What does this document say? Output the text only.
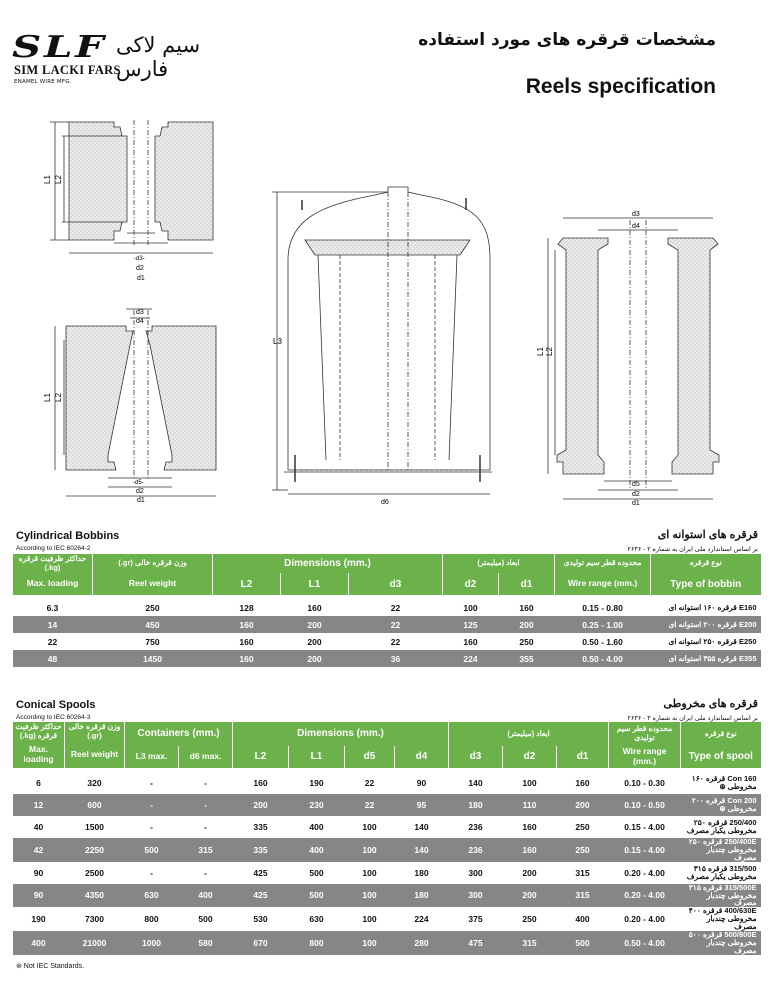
SLF سیم لاکی فارس
SIM LACKI FARS
ENAMEL WIRE MFG.
مشخصات قرقره های مورد استفاده
Reels specification
L1 L2
-d3-
d2
d1
d3
d4
L1 L2
-d5-
d2
d1
L3
d6
d3
d4
L1 L2
d5
d2
d1
Cylindrical Bobbins
According to IEC 60264-2
قرقره های استوانه ای
بر اساس استاندارد ملی ایران به شماره ۲ - ۲۶۳۶
حداکثر ظرفیت قرقره (kg.)	وزن قرقره خالی (gr.)	Dimensions (mm.)			ابعاد (میلیمتر)		محدوده قطر سیم تولیدی	نوع قرقره
Max. loading	Reel weight	L2	L1	d3	d2	d1	Wire range (mm.)	Type of bobbin

6.3	250	128	160	22	100	160	0.15 - 0.80	E160 قرقره ۱۶۰ استوانه ای
14	450	160	200	22	125	200	0.25 - 1.00	E200 قرقره ۲۰۰ استوانه ای
22	750	160	200	22	160	250	0.50 - 1.60	E250 قرقره ۲۵۰ استوانه ای
48	1450	160	200	36	224	355	0.50 - 4.00	E355 قرقره ۳۵۵ استوانه ای
Conical Spools
According to IEC 60264-3
قرقره های مخروطی
بر اساس استاندارد ملی ایران به شماره ۳ - ۲۶۳۶
حداکثر ظرفیت قرقره (kg.)	وزن قرقره خالی (gr.)	Containers (mm.)		Dimensions (mm.)				ابعاد (میلیمتر)			محدوده قطر سیم تولیدی	نوع قرقره
Max. loading	Reel weight											
		L3 max.	d6 max.	L2	L1	d5	d4	d3	d2	d1	Wire range (mm.)	Type of spool

6	320	-	-	160	190	22	90	140	100	160	0.10 - 0.30	160 Con قرقره ۱۶۰ مخروطی ⊛
12	600	-	-	200	230	22	95	180	110	200	0.10 - 0.50	200 Con قرقره ۲۰۰ مخروطی ⊛
40	1500	-	-	335	400	100	140	236	160	250	0.15 - 4.00	250/400 قرقره ۲۵۰ مخروطی یکبار مصرف
42	2250	500	315	335	400	100	140	236	160	250	0.15 - 4.00	250/400E قرقره ۲۵۰ مخروطی چندبار مصرف
90	2500	-	-	425	500	100	180	300	200	315	0.20 - 4.00	315/500 قرقره ۳۱۵ مخروطی یکبار مصرف
90	4350	630	400	425	500	100	180	300	200	315	0.20 - 4.00	315/500E قرقره ۳۱۵ مخروطی چندبار مصرف
190	7300	800	500	530	630	100	224	375	250	400	0.20 - 4.00	400/630E قرقره ۴۰۰ مخروطی چندبار مصرف
400	21000	1000	580	670	800	100	280	475	315	500	0.50 - 4.00	500/800E قرقره ۵۰۰ مخروطی چندبار مصرف
⊛ Not IEC Standards.
